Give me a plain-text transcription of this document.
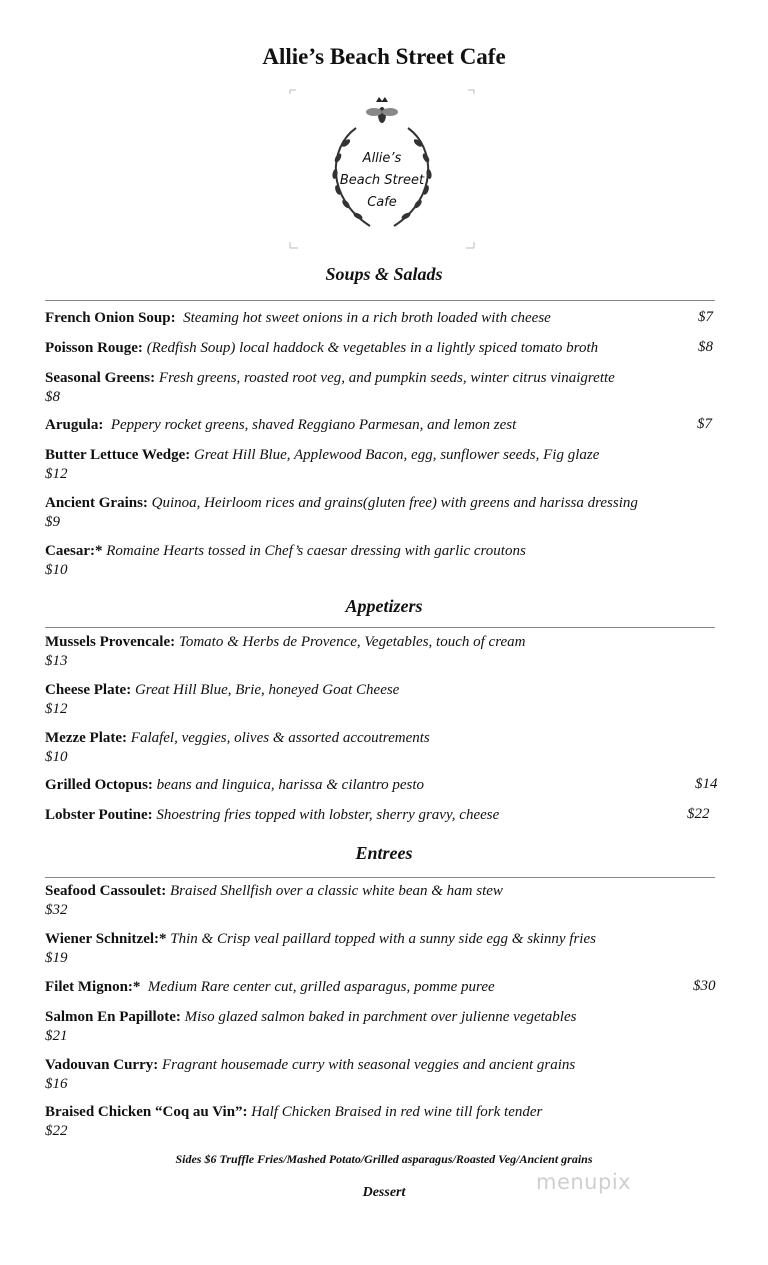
Allie’s Beach Street Cafe
Allie’s
Beach Street
Cafe
Soups & Salads
French Onion Soup: Steaming hot sweet onions in a rich broth loaded with cheese	$7
Poisson Rouge: (Redfish Soup) local haddock & vegetables in a lightly spiced tomato broth	$8
Seasonal Greens: Fresh greens, roasted root veg, and pumpkin seeds, winter citrus vinaigrette
$8
Arugula: Peppery rocket greens, shaved Reggiano Parmesan, and lemon zest	$7
Butter Lettuce Wedge: Great Hill Blue, Applewood Bacon, egg, sunflower seeds, Fig glaze
$12
Ancient Grains: Quinoa, Heirloom rices and grains(gluten free) with greens and harissa dressing
$9
Caesar:* Romaine Hearts tossed in Chef’s caesar dressing with garlic croutons
$10
Appetizers
Mussels Provencale: Tomato & Herbs de Provence, Vegetables, touch of cream
$13
Cheese Plate: Great Hill Blue, Brie, honeyed Goat Cheese
$12
Mezze Plate: Falafel, veggies, olives & assorted accoutrements
$10
Grilled Octopus: beans and linguica, harissa & cilantro pesto	$14
Lobster Poutine: Shoestring fries topped with lobster, sherry gravy, cheese	$22
Entrees
Seafood Cassoulet: Braised Shellfish over a classic white bean & ham stew
$32
Wiener Schnitzel:* Thin & Crisp veal paillard topped with a sunny side egg & skinny fries
$19
Filet Mignon:* Medium Rare center cut, grilled asparagus, pomme puree	$30
Salmon En Papillote: Miso glazed salmon baked in parchment over julienne vegetables
$21
Vadouvan Curry: Fragrant housemade curry with seasonal veggies and ancient grains
$16
Braised Chicken “Coq au Vin”: Half Chicken Braised in red wine till fork tender
$22
Sides $6 Truffle Fries/Mashed Potato/Grilled asparagus/Roasted Veg/Ancient grains
Dessert	menupix
